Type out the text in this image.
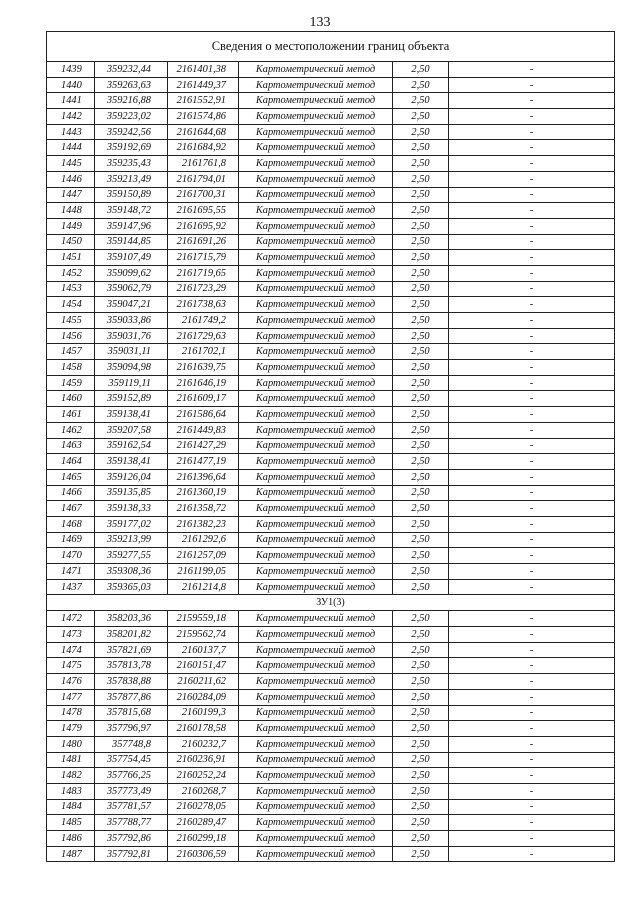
133
Сведения о местоположении границ объекта					
1439	359232,44	2161401,38	Картометрический метод	2,50	-
1440	359263,63	2161449,37	Картометрический метод	2,50	-
1441	359216,88	2161552,91	Картометрический метод	2,50	-
1442	359223,02	2161574,86	Картометрический метод	2,50	-
1443	359242,56	2161644,68	Картометрический метод	2,50	-
1444	359192,69	2161684,92	Картометрический метод	2,50	-
1445	359235,43	2161761,8	Картометрический метод	2,50	-
1446	359213,49	2161794,01	Картометрический метод	2,50	-
1447	359150,89	2161700,31	Картометрический метод	2,50	-
1448	359148,72	2161695,55	Картометрический метод	2,50	-
1449	359147,96	2161695,92	Картометрический метод	2,50	-
1450	359144,85	2161691,26	Картометрический метод	2,50	-
1451	359107,49	2161715,79	Картометрический метод	2,50	-
1452	359099,62	2161719,65	Картометрический метод	2,50	-
1453	359062,79	2161723,29	Картометрический метод	2,50	-
1454	359047,21	2161738,63	Картометрический метод	2,50	-
1455	359033,86	2161749,2	Картометрический метод	2,50	-
1456	359031,76	2161729,63	Картометрический метод	2,50	-
1457	359031,11	2161702,1	Картометрический метод	2,50	-
1458	359094,98	2161639,75	Картометрический метод	2,50	-
1459	359119,11	2161646,19	Картометрический метод	2,50	-
1460	359152,89	2161609,17	Картометрический метод	2,50	-
1461	359138,41	2161586,64	Картометрический метод	2,50	-
1462	359207,58	2161449,83	Картометрический метод	2,50	-
1463	359162,54	2161427,29	Картометрический метод	2,50	-
1464	359138,41	2161477,19	Картометрический метод	2,50	-
1465	359126,04	2161396,64	Картометрический метод	2,50	-
1466	359135,85	2161360,19	Картометрический метод	2,50	-
1467	359138,33	2161358,72	Картометрический метод	2,50	-
1468	359177,02	2161382,23	Картометрический метод	2,50	-
1469	359213,99	2161292,6	Картометрический метод	2,50	-
1470	359277,55	2161257,09	Картометрический метод	2,50	-
1471	359308,36	2161199,05	Картометрический метод	2,50	-
1437	359365,03	2161214,8	Картометрический метод	2,50	-
ЗУ1(3)					
1472	358203,36	2159559,18	Картометрический метод	2,50	-
1473	358201,82	2159562,74	Картометрический метод	2,50	-
1474	357821,69	2160137,7	Картометрический метод	2,50	-
1475	357813,78	2160151,47	Картометрический метод	2,50	-
1476	357838,88	2160211,62	Картометрический метод	2,50	-
1477	357877,86	2160284,09	Картометрический метод	2,50	-
1478	357815,68	2160199,3	Картометрический метод	2,50	-
1479	357796,97	2160178,58	Картометрический метод	2,50	-
1480	357748,8	2160232,7	Картометрический метод	2,50	-
1481	357754,45	2160236,91	Картометрический метод	2,50	-
1482	357766,25	2160252,24	Картометрический метод	2,50	-
1483	357773,49	2160268,7	Картометрический метод	2,50	-
1484	357781,57	2160278,05	Картометрический метод	2,50	-
1485	357788,77	2160289,47	Картометрический метод	2,50	-
1486	357792,86	2160299,18	Картометрический метод	2,50	-
1487	357792,81	2160306,59	Картометрический метод	2,50	-
